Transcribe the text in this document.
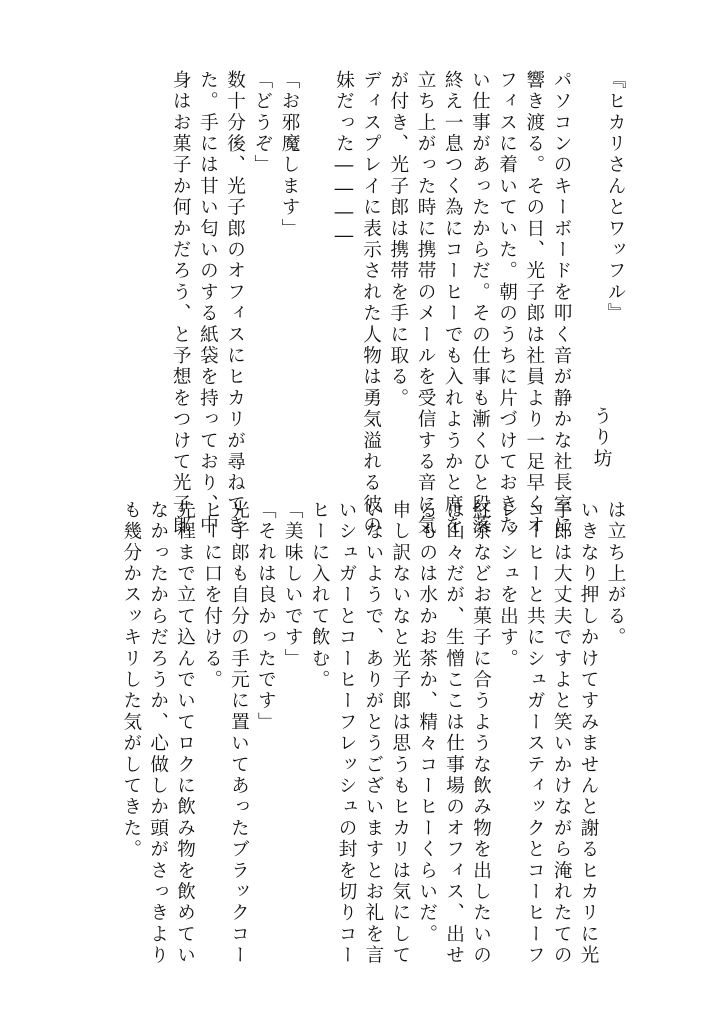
『ヒカリさんとワッフル』
うり坊
パソコンのキーボードを叩く音が静かな社長室に
響き渡る。その日、光子郎は社員より一足早くオ
フィスに着いていた。朝のうちに片づけておきた
い仕事があったからだ。その仕事も漸くひと段落
終え一息つく為にコーヒーでも入れようかと席を
立ち上がった時に携帯のメールを受信する音に気
が付き、光子郎は携帯を手に取る。
ディスプレイに表示された人物は勇気溢れる彼の
妹だった――――
「お邪魔します」
「どうぞ」
数十分後、光子郎のオフィスにヒカリが尋ねてき
た。手には甘い匂いのする紙袋を持っており、中
身はお菓子か何かだろう、と予想をつけて光子郎
は立ち上がる。
いきなり押しかけてすみませんと謝るヒカリに光
子郎は大丈夫ですよと笑いかけながら淹れたての
コーヒーと共にシュガースティックとコーヒーフ
レッシュを出す。
紅茶などお菓子に合うような飲み物を出したいの
は山々だが、生憎ここは仕事場のオフィス、出せ
るものは水かお茶か、精々コーヒーくらいだ。
申し訳ないなと光子郎は思うもヒカリは気にして
いないようで、ありがとうございますとお礼を言
いシュガーとコーヒーフレッシュの封を切りコー
ヒーに入れて飲む。
「美味しいです」
「それは良かったです」
光子郎も自分の手元に置いてあったブラックコー
ヒーに口を付ける。
先程まで立て込んでいてロクに飲み物を飲めてい
なかったからだろうか、心做しか頭がさっきより
も幾分かスッキリした気がしてきた。
